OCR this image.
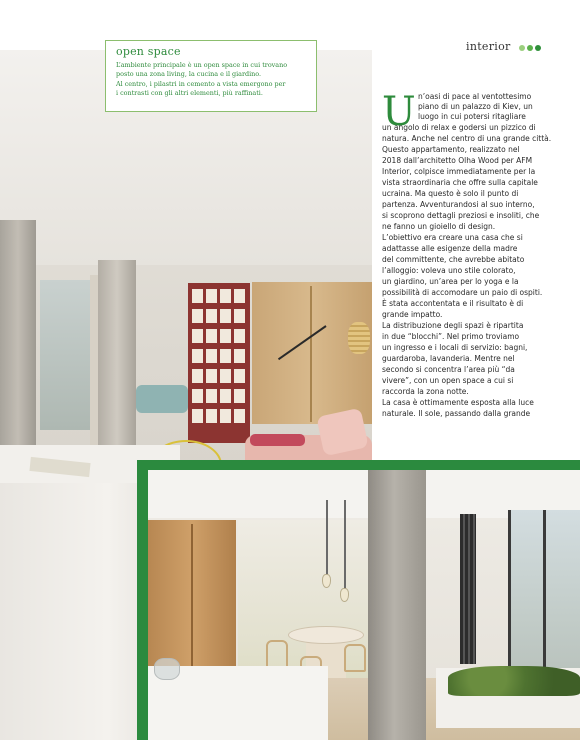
open space
L’ambiente principale è un open space in cui trovano
posto una zona living, la cucina e il giardino.
Al centro, i pilastri in cemento a vista emergono per
i contrasti con gli altri elementi, più raffinati.
interior
U n’oasi di pace al ventottesimo
piano di un palazzo di Kiev, un
luogo in cui potersi ritagliare
un angolo di relax e godersi un pizzico di
natura. Anche nel centro di una grande città.
Questo appartamento, realizzato nel
2018 dall’architetto Olha Wood per AFM
Interior, colpisce immediatamente per la
vista straordinaria che offre sulla capitale
ucraina. Ma questo è solo il punto di
partenza. Avventurandosi al suo interno,
si scoprono dettagli preziosi e insoliti, che
ne fanno un gioiello di design.
L’obiettivo era creare una casa che si
adattasse alle esigenze della madre
del committente, che avrebbe abitato
l’alloggio: voleva uno stile colorato,
un giardino, un’area per lo yoga e la
possibilità di accomodare un paio di ospiti.
È stata accontentata e il risultato è di
grande impatto.
La distribuzione degli spazi è ripartita
in due “blocchi”. Nel primo troviamo
un ingresso e i locali di servizio: bagni,
guardaroba, lavanderia. Mentre nel
secondo si concentra l’area più “da
vivere”, con un open space a cui si
raccorda la zona notte.
La casa è ottimamente esposta alla luce
naturale. Il sole, passando dalla grande
